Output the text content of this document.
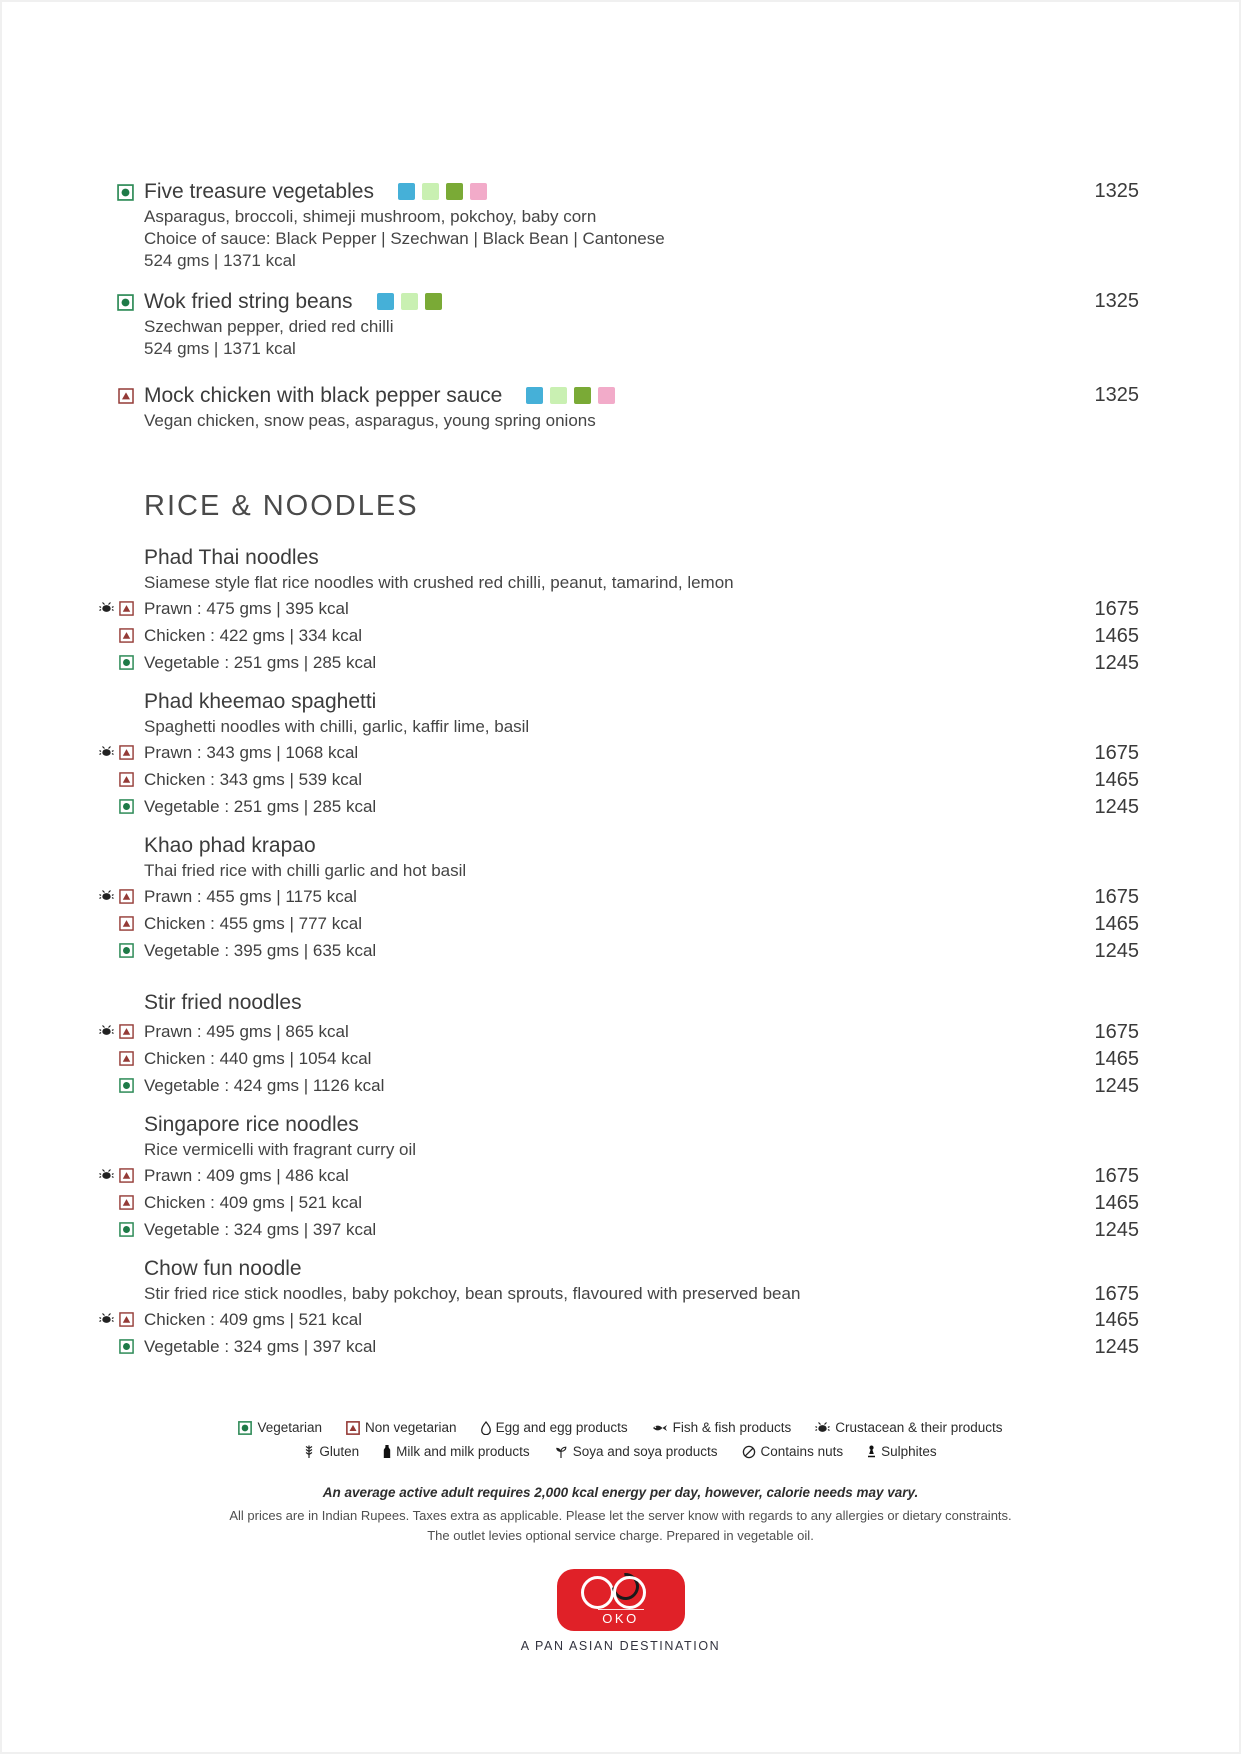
Five treasure vegetables
Asparagus, broccoli, shimeji mushroom, pokchoy, baby corn
Choice of sauce: Black Pepper | Szechwan | Black Bean | Cantonese
524 gms | 1371 kcal
1325
Wok fried string beans
Szechwan pepper, dried red chilli
524 gms | 1371 kcal
1325
Mock chicken with black pepper sauce
Vegan chicken, snow peas, asparagus, young spring onions
1325
RICE & NOODLES
Phad Thai noodles
Siamese style flat rice noodles with crushed red chilli, peanut, tamarind, lemon
Prawn : 475 gms | 395 kcal	1675
Chicken : 422 gms | 334 kcal	1465
Vegetable : 251 gms | 285 kcal	1245
Phad kheemao spaghetti
Spaghetti noodles with chilli, garlic, kaffir lime, basil
Prawn : 343 gms | 1068 kcal	1675
Chicken : 343 gms | 539 kcal	1465
Vegetable : 251 gms | 285 kcal	1245
Khao phad krapao
Thai fried rice with chilli garlic and hot basil
Prawn : 455 gms | 1175 kcal	1675
Chicken : 455 gms | 777 kcal	1465
Vegetable : 395 gms | 635 kcal	1245
Stir fried noodles
Prawn : 495 gms | 865 kcal	1675
Chicken : 440 gms | 1054 kcal	1465
Vegetable : 424 gms | 1126 kcal	1245
Singapore rice noodles
Rice vermicelli with fragrant curry oil
Prawn : 409 gms | 486 kcal	1675
Chicken : 409 gms | 521 kcal	1465
Vegetable : 324 gms | 397 kcal	1245
Chow fun noodle
Stir fried rice stick noodles, baby pokchoy, bean sprouts, flavoured with preserved bean	1675
Chicken : 409 gms | 521 kcal	1465
Vegetable : 324 gms | 397 kcal	1245
Vegetarian	Non vegetarian	Egg and egg products	Fish & fish products	Crustacean & their products
Gluten	Milk and milk products	Soya and soya products	Contains nuts	Sulphites
An average active adult requires 2,000 kcal energy per day, however, calorie needs may vary.
All prices are in Indian Rupees. Taxes extra as applicable. Please let the server know with regards to any allergies or dietary constraints.
The outlet levies optional service charge. Prepared in vegetable oil.
OKO
A PAN ASIAN DESTINATION
